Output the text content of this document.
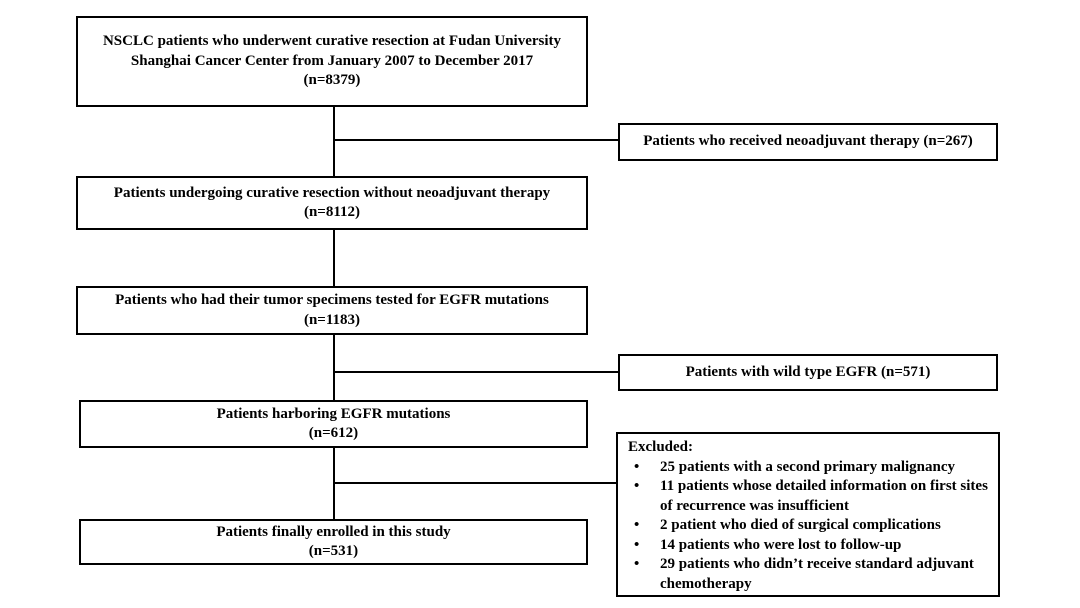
NSCLC patients who underwent curative resection at Fudan University
Shanghai Cancer Center from January 2007 to December 2017
(n=8379)
Patients undergoing curative resection without neoadjuvant therapy
(n=8112)
Patients who had their tumor specimens tested for EGFR mutations
(n=1183)
Patients harboring EGFR mutations
(n=612)
Patients finally enrolled in this study
(n=531)
Patients who received neoadjuvant therapy (n=267)
Patients with wild type EGFR (n=571)
Excluded:
• 25 patients with a second primary malignancy
• 11 patients whose detailed information on first sites of recurrence was insufficient
• 2 patient who died of surgical complications
• 14 patients who were lost to follow-up
• 29 patients who didn’t receive standard adjuvant chemotherapy
